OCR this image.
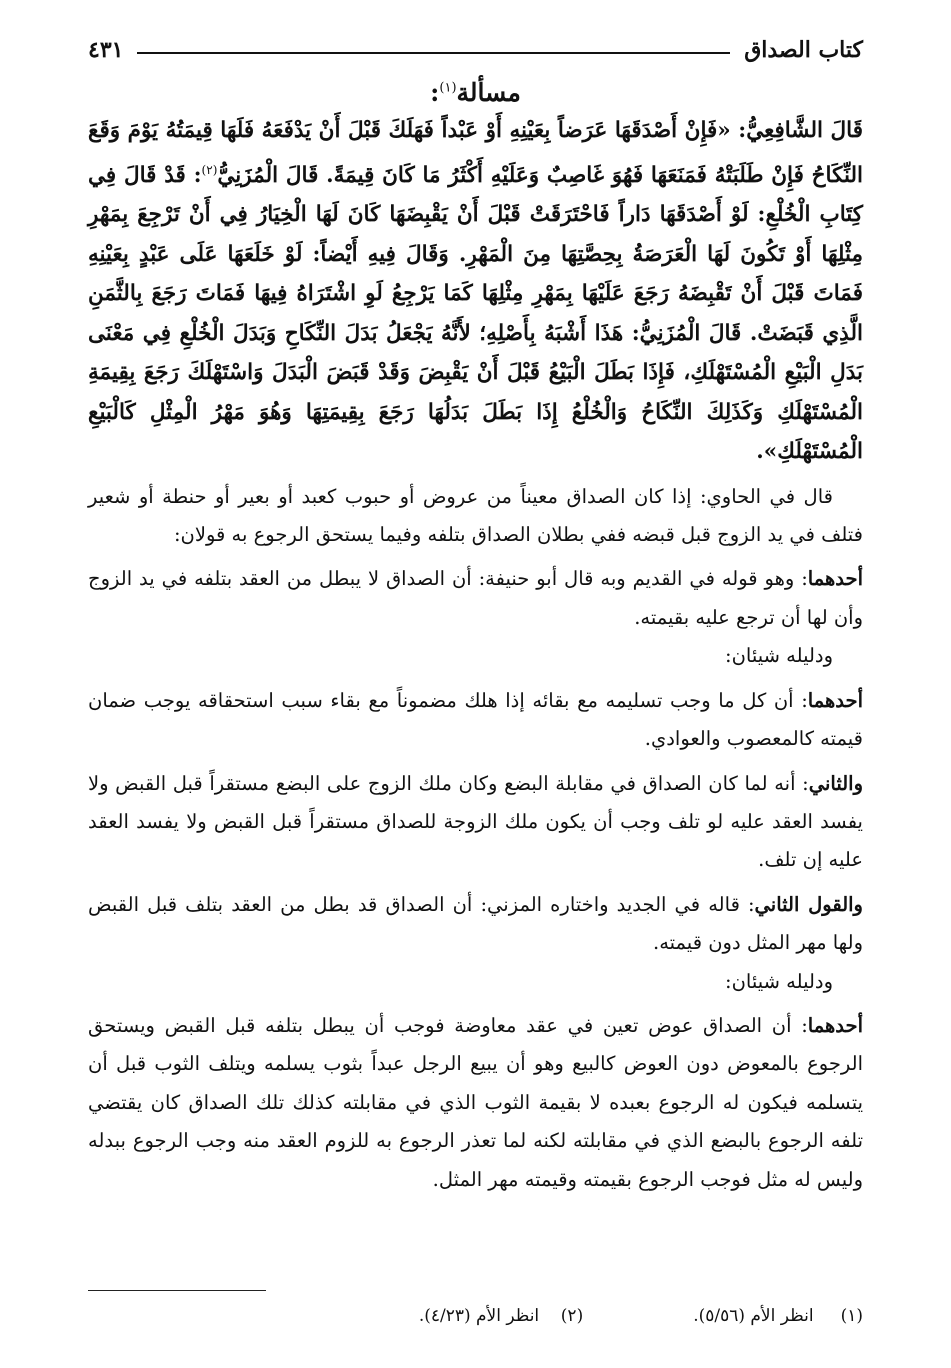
كتاب الصداق
٤٣١
مسألة$^{(١)}$:

قَالَ الشَّافِعِيُّ: «فَإِنْ أَصْدَقَهَا عَرَضاً بِعَيْنِهِ أَوْ عَبْداً فَهَلَكَ قَبْلَ أَنْ يَدْفَعَهُ فَلَهَا قِيمَتُهُ يَوْمَ وَقَعَ النِّكَاحُ فَإِنْ طَلَبَتْهُ فَمَنَعَهَا فَهُوَ غَاصِبٌ وَعَلَيْهِ أَكْثَرُ مَا كَانَ قِيمَةً. قَالَ الْمُزَنِيُّ$^{(٢)}$: قَدْ قَالَ فِي كِتَابِ الْخُلْعِ: لَوْ أَصْدَقَهَا دَاراً فَاحْتَرَقَتْ قَبْلَ أَنْ يَقْبِضَهَا كَانَ لَهَا الْخِيَارُ فِي أَنْ تَرْجِعَ بِمَهْرِ مِثْلِهَا أَوْ تَكُونَ لَهَا الْعَرَصَةُ بِحِصَّتِهَا مِنَ الْمَهْرِ. وَقَالَ فِيهِ أَيْضاً: لَوْ خَلَعَهَا عَلَى عَبْدٍ بِعَيْنِهِ فَمَاتَ قَبْلَ أَنْ تَقْبِضَهُ رَجَعَ عَلَيْهَا بِمَهْرِ مِثْلِهَا كَمَا يَرْجِعُ لَوِ اشْتَرَاهُ فِيهَا فَمَاتَ رَجَعَ بِالثَّمَنِ الَّذِي قَبَضَتْ. قَالَ الْمُزَنِيُّ: هَذَا أَشْبَهُ بِأَصْلِهِ؛ لأَنَّهُ يَجْعَلُ بَدَلَ النِّكَاحِ وَبَدَلَ الْخُلْعِ فِي مَعْنَى بَدَلِ الْبَيْعِ الْمُسْتَهْلَكِ، فَإِذَا بَطَلَ الْبَيْعُ قَبْلَ أَنْ يَقْبِضَ وَقَدْ قَبَضَ الْبَدَلَ وَاسْتَهْلَكَ رَجَعَ بِقِيمَةِ الْمُسْتَهْلَكِ وَكَذَلِكَ النِّكَاحُ وَالْخُلْعُ إِذَا بَطَلَ بَدَلُهَا رَجَعَ بِقِيمَتِهَا وَهُوَ مَهْرُ الْمِثْلِ كَالْبَيْعِ الْمُسْتَهْلَكِ».

قال في الحاوي: إذا كان الصداق معيناً من عروض أو حبوب كعبد أو بعير أو حنطة أو شعير فتلف في يد الزوج قبل قبضه ففي بطلان الصداق بتلفه وفيما يستحق الرجوع به قولان:

أحدهما: وهو قوله في القديم وبه قال أبو حنيفة: أن الصداق لا يبطل من العقد بتلفه في يد الزوج وأن لها أن ترجع عليه بقيمته.

ودليله شيئان:

أحدهما: أن كل ما وجب تسليمه مع بقائه إذا هلك مضموناً مع بقاء سبب استحقاقه يوجب ضمان قيمته كالمعصوب والعوادي.

والثاني: أنه لما كان الصداق في مقابلة البضع وكان ملك الزوج على البضع مستقراً قبل القبض ولا يفسد العقد عليه لو تلف وجب أن يكون ملك الزوجة للصداق مستقراً قبل القبض ولا يفسد العقد عليه إن تلف.

والقول الثاني: قاله في الجديد واختاره المزني: أن الصداق قد بطل من العقد بتلف قبل القبض ولها مهر المثل دون قيمته.

ودليله شيئان:

أحدهما: أن الصداق عوض تعين في عقد معاوضة فوجب أن يبطل بتلفه قبل القبض ويستحق الرجوع بالمعوض دون العوض كالبيع وهو أن يبيع الرجل عبداً بثوب يسلمه ويتلف الثوب قبل أن يتسلمه فيكون له الرجوع بعبده لا بقيمة الثوب الذي في مقابلته كذلك تلك الصداق كان يقتضي تلفه الرجوع بالبضع الذي في مقابلته لكنه لما تعذر الرجوع به للزوم العقد منه وجب الرجوع ببدله وليس له مثل فوجب الرجوع بقيمته وقيمته مهر المثل.

(١)     انظر الأم (٥/٥٦).
(٢)    انظر الأم (٤/٢٣).
